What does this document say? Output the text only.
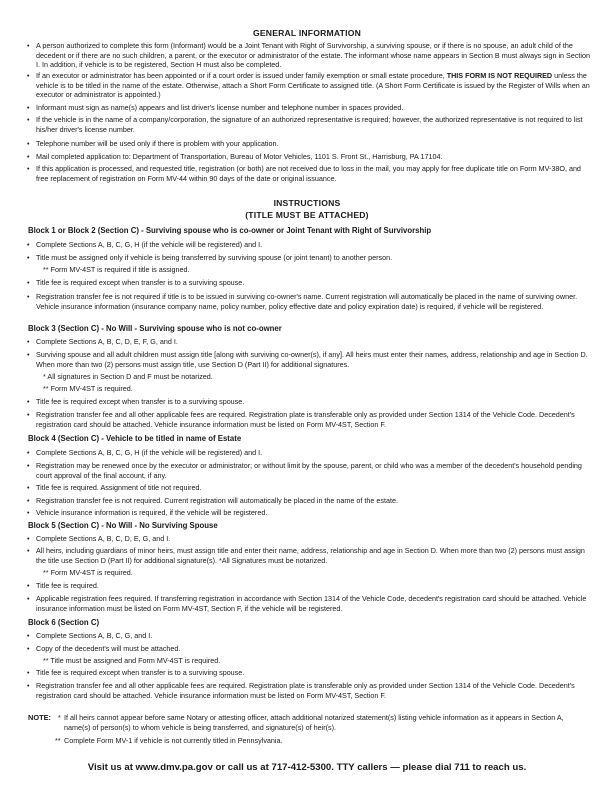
GENERAL INFORMATION
• A person authorized to complete this form (Informant) would be a Joint Tenant with Right of Survivorship, a surviving spouse, or if there is no spouse, an adult child of the decedent or if there are no such children, a parent, or the executor or administrator of the estate. The informant whose name appears in Section B must always sign in Section I. In addition, if vehicle is to be registered, Section H must also be completed.
• If an executor or administrator has been appointed or if a court order is issued under family exemption or small estate procedure, THIS FORM IS NOT REQUIRED unless the vehicle is to be titled in the name of the estate. Otherwise, attach a Short Form Certificate to assigned title. (A Short Form Certificate is issued by the Register of Wills when an executor or administrator is appointed.)
• Informant must sign as name(s) appears and list driver's license number and telephone number in spaces provided.
• If the vehicle is in the name of a company/corporation, the signature of an authorized representative is required; however, the authorized representative is not required to list his/her driver's license number.
• Telephone number will be used only if there is problem with your application.
• Mail completed application to: Department of Transportation, Bureau of Motor Vehicles, 1101 S. Front St., Harrisburg, PA 17104.
• If this application is processed, and requested title, registration (or both) are not received due to loss in the mail, you may apply for free duplicate title on Form MV-38O, and free replacement of registration on Form MV-44 within 90 days of the date or original issuance.
INSTRUCTIONS
(TITLE MUST BE ATTACHED)
Block 1 or Block 2 (Section C) - Surviving spouse who is co-owner or Joint Tenant with Right of Survivorship
• Complete Sections A, B, C, G, H (if the vehicle will be registered) and I.
• Title must be assigned only if vehicle is being transferred by surviving spouse (or joint tenant) to another person.
** Form MV-4ST is required if title is assigned.
• Title fee is required except when transfer is to a surviving spouse.
• Registration transfer fee is not required if title is to be issued in surviving co-owner's name. Current registration will automatically be placed in the name of surviving owner. Vehicle insurance information (insurance company name, policy number, policy effective date and policy expiration date) is required, if vehicle will be registered.
Block 3 (Section C) - No Will - Surviving spouse who is not co-owner
• Complete Sections A, B, C, D, E, F, G, and I.
• Surviving spouse and all adult children must assign title [along with surviving co-owner(s), if any]. All heirs must enter their names, address, relationship and age in Section D. When more than two (2) persons must assign title, use Section D (Part II) for additional signatures.
* All signatures in Section D and F must be notarized.
** Form MV-4ST is required.
• Title fee is required except when transfer is to a surviving spouse.
• Registration transfer fee and all other applicable fees are required. Registration plate is transferable only as provided under Section 1314 of the Vehicle Code. Decedent's registration card should be attached. Vehicle insurance information must be listed on Form MV-4ST, Section F.
Block 4 (Section C) - Vehicle to be titled in name of Estate
• Complete Sections A, B, C, G, H (if the vehicle will be registered) and I.
• Registration may be renewed once by the executor or administrator; or without limit by the spouse, parent, or child who was a member of the decedent's household pending court approval of the final account, if any.
• Title fee is required. Assignment of title not required.
• Registration transfer fee is not required. Current registration will automatically be placed in the name of the estate.
• Vehicle insurance information is required, if the vehicle will be registered.
Block 5 (Section C) - No Will - No Surviving Spouse
• Complete Sections A, B, C, D, E, G, and I.
• All heirs, including guardians of minor heirs, must assign title and enter their name, address, relationship and age in Section D. When more than two (2) persons must assign the title use Section D (Part II) for additional signature(s). *All Signatures must be notarized.
** Form MV-4ST is required.
• Title fee is required.
• Applicable registration fees required. If transferring registration in accordance with Section 1314 of the Vehicle Code, decedent's registration card should be attached. Vehicle insurance information must be listed on Form MV-4ST, Section F, if the vehicle will be registered.
Block 6 (Section C)
• Complete Sections A, B, C, G, and I.
• Copy of the decedent's will must be attached.
** Title must be assigned and Form MV-4ST is required.
• Title fee is required except when transfer is to a surviving spouse.
• Registration transfer fee and all other applicable fees are required. Registration plate is transferable only as provided under Section 1314 of the Vehicle Code. Decedent's registration card should be attached. Vehicle insurance information must be listed on Form MV-4ST, Section F.
NOTE: * If all heirs cannot appear before same Notary or attesting officer, attach additional notarized statement(s) listing vehicle information as it appears in Section A, name(s) of person(s) to whom vehicle is being transferred, and signature(s) of heir(s).
** Complete Form MV-1 if vehicle is not currently titled in Pennsylvania.
Visit us at www.dmv.pa.gov or call us at 717-412-5300. TTY callers — please dial 711 to reach us.
